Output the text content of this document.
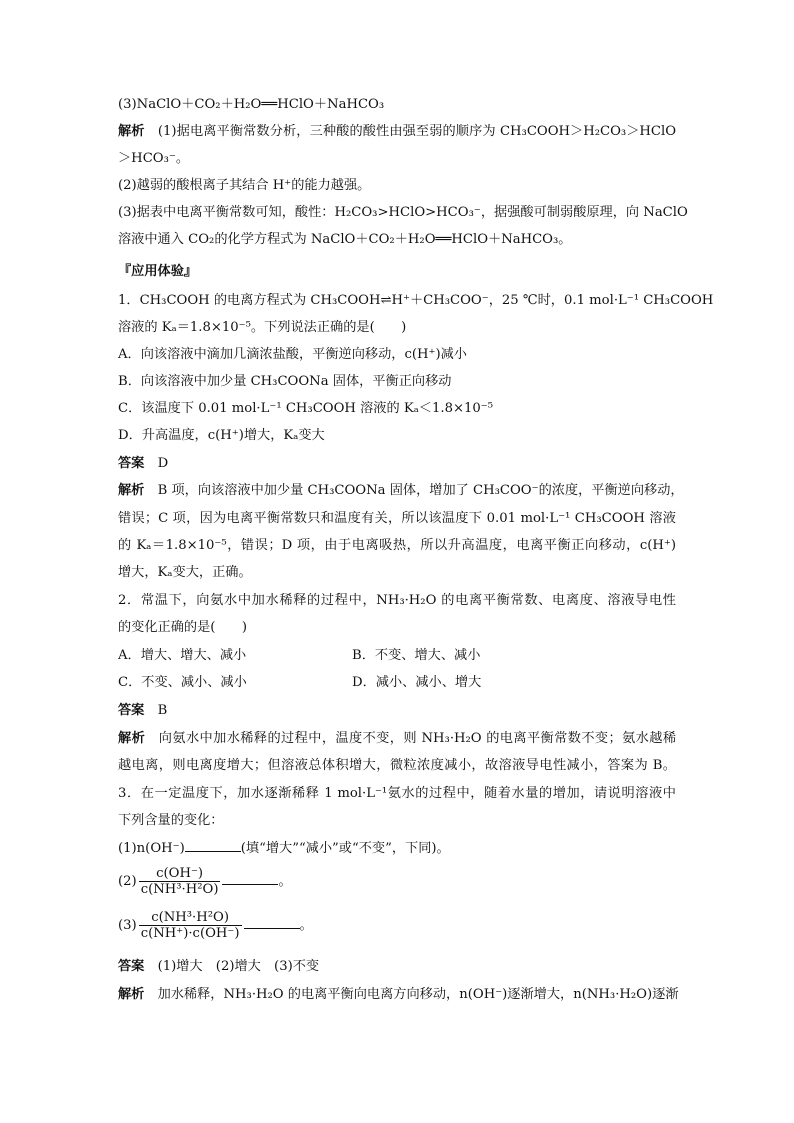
(3)NaClO＋CO₂＋H₂O══HClO＋NaHCO₃
解析　 (1)据电离平衡常数分析，三种酸的酸性由强至弱的顺序为 CH₃COOH＞H₂CO₃＞HClO
＞HCO₃⁻。
(2)越弱的酸根离子其结合 H⁺的能力越强。
(3)据表中电离平衡常数可知，酸性：H₂CO₃>HClO>HCO₃⁻，据强酸可制弱酸原理，向 NaClO
溶液中通入 CO₂的化学方程式为 NaClO＋CO₂＋H₂O══HClO＋NaHCO₃。
『应用体验』
1．CH₃COOH 的电离方程式为 CH₃COOH⇌H⁺＋CH₃COO⁻，25 ℃时，0.1 mol·L⁻¹ CH₃COOH
溶液的 Kₐ＝1.8×10⁻⁵。下列说法正确的是(　　)
A．向该溶液中滴加几滴浓盐酸，平衡逆向移动，c(H⁺)减小
B．向该溶液中加少量 CH₃COONa 固体，平衡正向移动
C．该温度下 0.01 mol·L⁻¹ CH₃COOH 溶液的 Kₐ＜1.8×10⁻⁵
D．升高温度，c(H⁺)增大，Kₐ变大
答案　 D
解析　 B 项，向该溶液中加少量 CH₃COONa 固体，增加了 CH₃COO⁻的浓度，平衡逆向移动，
错误；C 项，因为电离平衡常数只和温度有关，所以该温度下 0.01 mol·L⁻¹ CH₃COOH 溶液
的 Kₐ＝1.8×10⁻⁵，错误；D 项，由于电离吸热，所以升高温度，电离平衡正向移动，c(H⁺)
增大，Kₐ变大，正确。
2．常温下，向氨水中加水稀释的过程中，NH₃·H₂O 的电离平衡常数、电离度、溶液导电性
的变化正确的是(　　)
A．增大、增大、减小	B．不变、增大、减小
C．不变、减小、减小	D．减小、减小、增大
答案　 B
解析　 向氨水中加水稀释的过程中，温度不变，则 NH₃·H₂O 的电离平衡常数不变；氨水越稀
越电离，则电离度增大；但溶液总体积增大，微粒浓度减小，故溶液导电性减小，答案为 B。
3．在一定温度下，加水逐渐稀释 1 mol·L⁻¹氨水的过程中，随着水量的增加，请说明溶液中
下列含量的变化：
(1)n(OH⁻)	(填“增大”“减小”或“不变”，下同)。
$(2) \frac{c(OH^-)}{\text{c(NH³·H²O)}}$	。
$(3) \frac{\text{c(NH³·H²O)}}{c(NH^+)\cdot c(OH^-)}$	。
答案　 (1)增大　(2)增大　(3)不变
解析　 加水稀释，NH₃·H₂O 的电离平衡向电离方向移动，n(OH⁻)逐渐增大，n(NH₃·H₂O)逐渐
